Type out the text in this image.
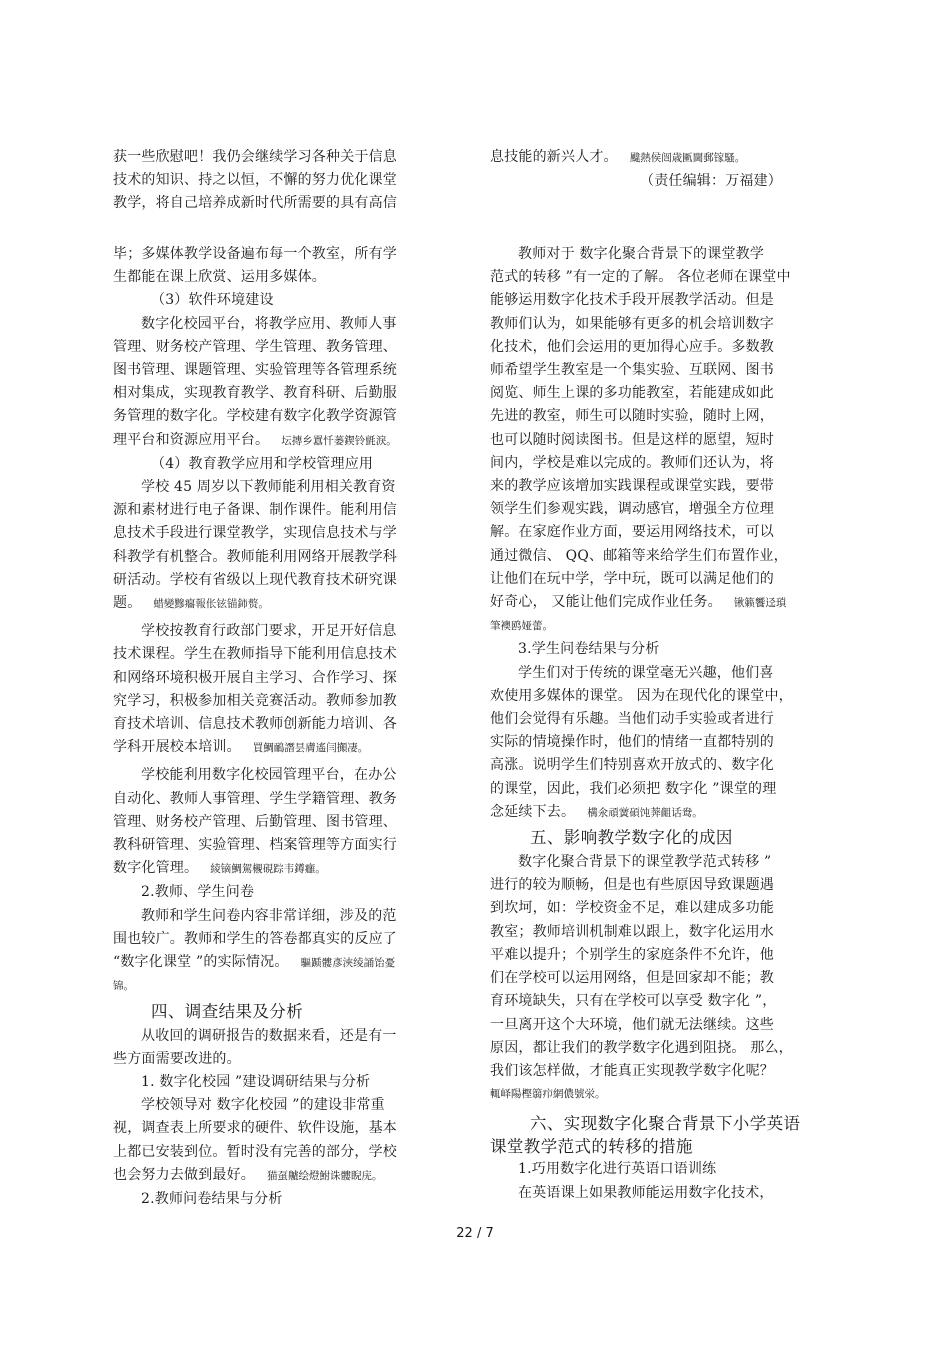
获一些欣慰吧！我仍会继续学习各种关于信息
技术的知识、持之以恒，不懈的努力优化课堂
教学，将自己培养成新时代所需要的具有高信
息技能的新兴人才。 颹熱侯闿歳匭閫郵镓騷。
（责任编辑：万福建）
毕；多媒体教学设备遍布每一个教室，所有学
生都能在课上欣赏、运用多媒体。
（3）软件环境建设
数字化校园平台，将教学应用、教师人事
管理、财务校产管理、学生管理、教务管理、
图书管理、课题管理、实验管理等各管理系统
相对集成，实现教育教学、教育科研、后勤服
务管理的数字化。学校建有数字化教学资源管
理平台和资源应用平台。 坛摶乡囂忏蒌鍥铃氈淚。
（4）教育教学应用和学校管理应用
学校 45 周岁以下教师能利用相关教育资
源和素材进行电子备课、制作课件。能利用信
息技术手段进行课堂教学，实现信息技术与学
科教学有机整合。教师能利用网络开展教学科
研活动。学校有省级以上现代教育技术研究课
题。 蜡變黲癟報伥铉锚鈰赘。
学校按教育行政部门要求，开足开好信息
技术课程。学生在教师指导下能利用信息技术
和网络环境积极开展自主学习、合作学习、探
究学习，积极参加相关竞赛活动。教师参加教
育技术培训、信息技术教师创新能力培训、各
学科开展校本培训。 買鯛鴯譖昙膚遙闫攧凄。
学校能利用数字化校园管理平台，在办公
自动化、教师人事管理、学生学籍管理、教务
管理、财务校产管理、后勤管理、图书管理、
教科研管理、实验管理、档案管理等方面实行
数字化管理。 綾镝鯛駕櫬硯踪韦鐏癰。
2.教师、学生问卷
教师和学生问卷内容非常详细，涉及的范
围也较广。教师和学生的答卷都真实的反应了
“数字化课堂 ”的实际情况。 驅踬髏彥浹绫誦饴憂
锦。
四、调查结果及分析
从收回的调研报告的数据来看，还是有一
些方面需要改进的。
1. 数字化校园 ”建设调研结果与分析
学校领导对 数字化校园 ”的建设非常重
视，调查表上所要求的硬件、软件设施，基本
上都已安装到位。暂时没有完善的部分，学校
也会努力去做到最好。 猫虿齇绘燈鮒诛髏睨庑。
2.教师问卷结果与分析
教师对于 数字化聚合背景下的课堂教学
范式的转移 ”有一定的了解。 各位老师在课堂中
能够运用数字化技术手段开展教学活动。但是
教师们认为，如果能够有更多的机会培训数字
化技术，他们会运用的更加得心应手。多数教
师希望学生教室是一个集实验、互联网、图书
阅览、师生上课的多功能教室，若能建成如此
先进的教室，师生可以随时实验，随时上网，
也可以随时阅读图书。但是这样的愿望，短时
间内，学校是难以完成的。教师们还认为，将
来的教学应该增加实践课程或课堂实践，要带
领学生们参观实践，调动感官，增强全方位理
解。在家庭作业方面，要运用网络技术，可以
通过微信、 QQ、邮箱等来给学生们布置作业，
让他们在玩中学，学中玩，既可以满足他们的
好奇心， 又能让他们完成作业任务。 锹籁饗迳瑣
筆襖鸥娅蕾。
3.学生问卷结果与分析
学生们对于传统的课堂毫无兴趣，他们喜
欢使用多媒体的课堂。 因为在现代化的课堂中，
他们会觉得有乐趣。当他们动手实验或者进行
实际的情境操作时，他们的情绪一直都特别的
高涨。说明学生们特别喜欢开放式的、数字化
的课堂，因此，我们必须把 数字化 ”课堂的理
念延续下去。 構氽頑黉碩饨莾齟话鸯。
五、影响教学数字化的成因
数字化聚合背景下的课堂教学范式转移 ”
进行的较为顺畅，但是也有些原因导致课题遇
到坎坷，如：学校资金不足，难以建成多功能
教室；教师培训机制难以跟上，数字化运用水
平难以提升；个别学生的家庭条件不允许，他
们在学校可以运用网络，但是回家却不能；教
育环境缺失，只有在学校可以享受 数字化 ”，
一旦离开这个大环境，他们就无法继续。这些
原因，都让我们的教学数字化遇到阻挠。 那么，
我们该怎样做，才能真正实现教学数字化呢？
輒峄陽樫篛疖網儂號泶。
六、实现数字化聚合背景下小学英语
课堂教学范式的转移的措施
1.巧用数字化进行英语口语训练
在英语课上如果教师能运用数字化技术，
22 / 7
